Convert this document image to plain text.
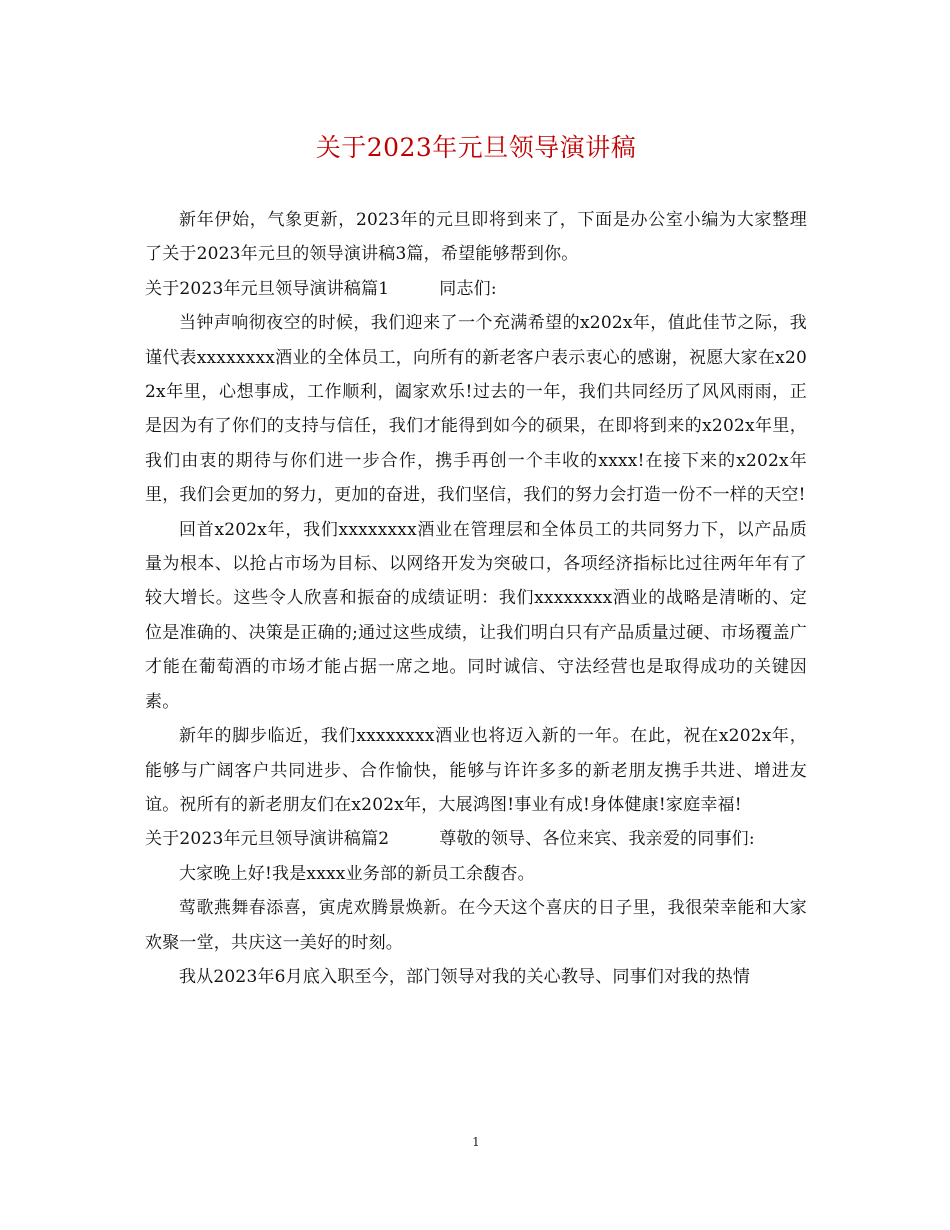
关于2023年元旦领导演讲稿

新年伊始，气象更新，2023年的元旦即将到来了，下面是办公室小编为大家整理了关于2023年元旦的领导演讲稿3篇，希望能够帮到你。

关于2023年元旦领导演讲稿篇1	同志们:

当钟声响彻夜空的时候，我们迎来了一个充满希望的x202x年，值此佳节之际，我谨代表xxxxxxxx酒业的全体员工，向所有的新老客户表示衷心的感谢，祝愿大家在x202x年里，心想事成，工作顺利，阖家欢乐!过去的一年，我们共同经历了风风雨雨，正是因为有了你们的支持与信任，我们才能得到如今的硕果，在即将到来的x202x年里，我们由衷的期待与你们进一步合作，携手再创一个丰收的xxxx!在接下来的x202x年里，我们会更加的努力，更加的奋进，我们坚信，我们的努力会打造一份不一样的天空!

回首x202x年，我们xxxxxxxx酒业在管理层和全体员工的共同努力下，以产品质量为根本、以抢占市场为目标、以网络开发为突破口，各项经济指标比过往两年年有了较大增长。这些令人欣喜和振奋的成绩证明：我们xxxxxxxx酒业的战略是清晰的、定位是准确的、决策是正确的;通过这些成绩，让我们明白只有产品质量过硬、市场覆盖广才能在葡萄酒的市场才能占据一席之地。同时诚信、守法经营也是取得成功的关键因素。

新年的脚步临近，我们xxxxxxxx酒业也将迈入新的一年。在此，祝在x202x年，能够与广阔客户共同进步、合作愉快，能够与许许多多的新老朋友携手共进、增进友谊。祝所有的新老朋友们在x202x年，大展鸿图!事业有成!身体健康!家庭幸福!

关于2023年元旦领导演讲稿篇2	尊敬的领导、各位来宾、我亲爱的同事们:

大家晚上好!我是xxxx业务部的新员工余馥杏。

莺歌燕舞春添喜，寅虎欢腾景焕新。在今天这个喜庆的日子里，我很荣幸能和大家欢聚一堂，共庆这一美好的时刻。

我从2023年6月底入职至今，部门领导对我的关心教导、同事们对我的热情

1
